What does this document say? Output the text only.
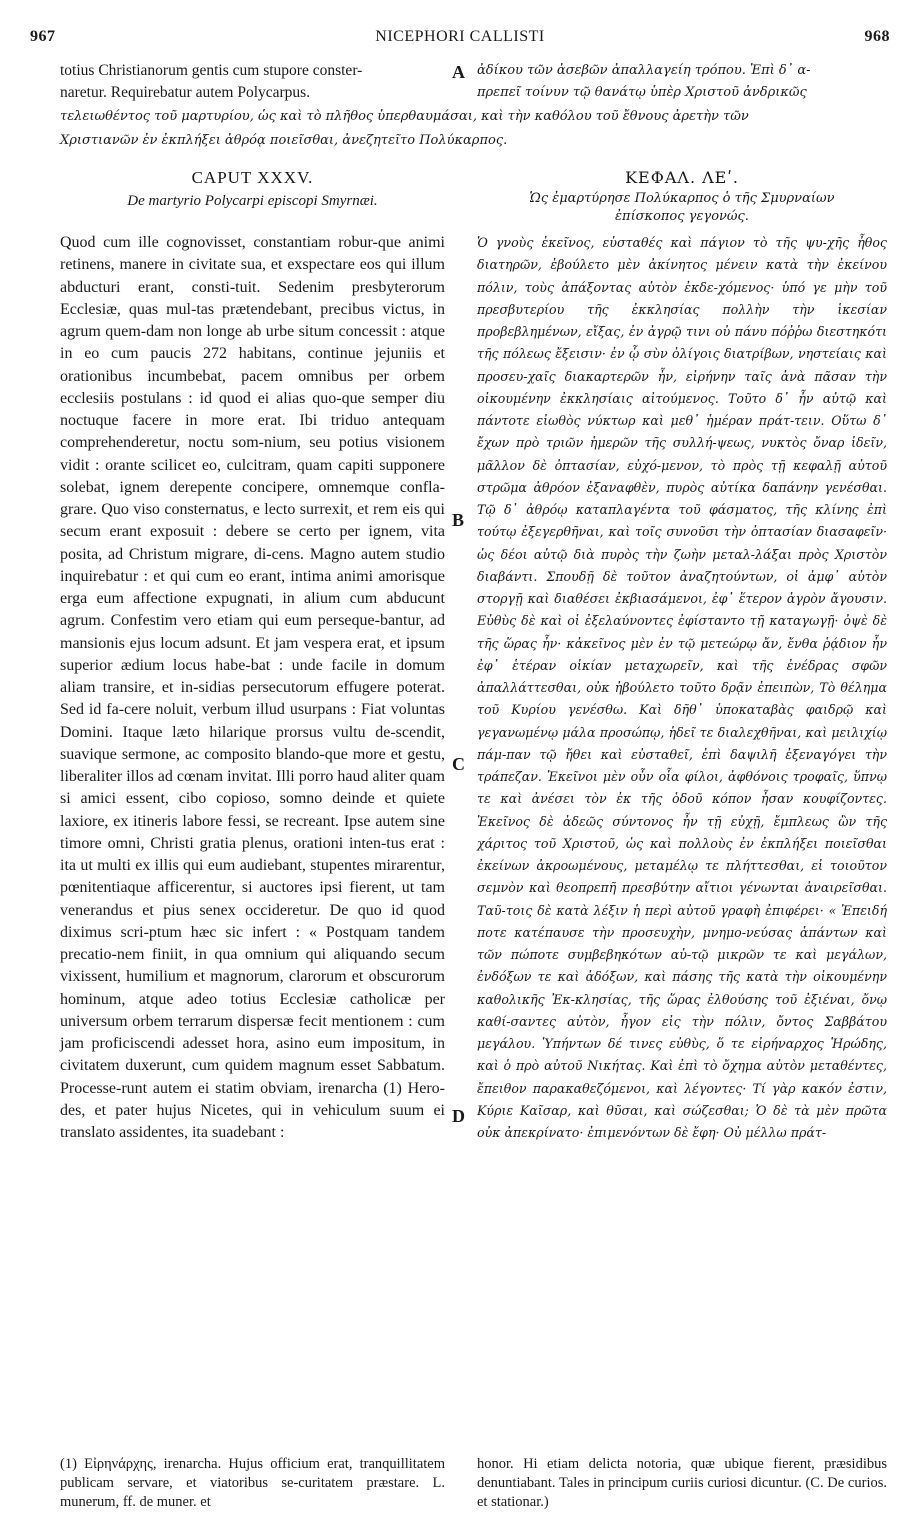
967	NICEPHORI CALLISTI	968
totius Christianorum gentis cum stupore conster-
naretur. Requirebatur autem Polycarpus.
A ἀδίκου τῶν ἀσεβῶν ἀπαλλαγείη τρόπου. Ἐπὶ δ᾽ α-
πρεπεῖ τοίνυν τῷ θανάτῳ ὑπὲρ Χριστοῦ ἀνδρικῶς
τελειωθέντος τοῦ μαρτυρίου, ὡς καὶ τὸ πλῆθος ὑπερθαυμάσαι, καὶ τὴν καθόλου τοῦ ἔθνους ἀρετὴν τῶν
Χριστιανῶν ἐν ἐκπλήξει ἀθρόᾳ ποιεῖσθαι, ἀνεζητεῖτο Πολύκαρπος.
CAPUT XXXV.
De martyrio Polycarpi episcopi Smyrnæi.
ΚΕΦΑΛ. ΛΕʹ.
Ὡς ἐμαρτύρησε Πολύκαρπος ὁ τῆς Σμυρναίων
ἐπίσκοπος γεγονώς.

Quod cum ille cognovisset, constantiam robur-que animi retinens, manere in civitate sua, et exspectare eos qui illum abducturi erant, consti-tuit. Sedenim presbyterorum Ecclesiæ, quas mul-tas prætendebant, precibus victus, in agrum quem-dam non longe ab urbe situm concessit : atque in eo cum paucis 272 habitans, continue jejuniis et orationibus incumbebat, pacem omnibus per orbem ecclesiis postulans : id quod ei alias quo-que semper diu noctuque facere in more erat. Ibi triduo antequam comprehenderetur, noctu som-nium, seu potius visionem vidit : orante scilicet eo, culcitram, quam capiti supponere solebat, ignem derepente concipere, omnemque confla-grare. Quo viso consternatus, e lecto surrexit, et rem eis qui secum erant exposuit : debere se certo per ignem, vita posita, ad Christum migrare, di-cens. Magno autem studio inquirebatur : et qui cum eo erant, intima animi amorisque erga eum affectione expugnati, in alium cum abducunt agrum. Confestim vero etiam qui eum perseque-bantur, ad mansionis ejus locum adsunt. Et jam vespera erat, et ipsum superior ædium locus habe-bat : unde facile in domum aliam transire, et in-sidias persecutorum effugere poterat. Sed id fa-cere noluit, verbum illud usurpans : Fiat voluntas Domini. Itaque læto hilarique prorsus vultu de-scendit, suavique sermone, ac composito blando-que more et gestu, liberaliter illos ad cœnam invitat. Illi porro haud aliter quam si amici essent, cibo copioso, somno deinde et quiete laxiore, ex itineris labore fessi, se recreant. Ipse autem sine timore omni, Christi gratia plenus, orationi inten-tus erat : ita ut multi ex illis qui eum audiebant, stupentes mirarentur, pœnitentiaque afficerentur, si auctores ipsi fierent, ut tam venerandus et pius senex occideretur. De quo id quod diximus scri-ptum hæc sic infert : « Postquam tandem precatio-nem finiit, in qua omnium qui aliquando secum vixissent, humilium et magnorum, clarorum et obscurorum hominum, atque adeo totius Ecclesiæ catholicæ per universum orbem terrarum dispersæ fecit mentionem : cum jam proficiscendi adesset hora, asino eum impositum, in civitatem duxerunt, cum quidem magnum esset Sabbatum. Processe-runt autem ei statim obviam, irenarcha (1) Hero-des, et pater hujus Nicetes, qui in vehiculum suum ei translato assidentes, ita suadebant :

Ὁ γνοὺς ἐκεῖνος, εὐσταθές καὶ πάγιον τὸ τῆς ψυ-χῆς ἦθος διατηρῶν, ἐβούλετο μὲν ἀκίνητος μένειν κατὰ τὴν ἐκείνου πόλιν, τοὺς ἀπάξοντας αὐτὸν ἐκδε-χόμενος· ὑπό γε μὴν τοῦ πρεσβυτερίου τῆς ἐκκλησίας πολλὴν τὴν ἱκεσίαν προβεβλημένων, εἴξας, ἐν ἀγρῷ τινι οὐ πάνυ πόῤῥω διεστηκότι τῆς πόλεως ἔξεισιν· ἐν ᾧ σὺν ὀλίγοις διατρίβων, νηστείαις καὶ προσευ-χαῖς διακαρτερῶν ἦν, εἰρήνην ταῖς ἀνὰ πᾶσαν τὴν οἰκουμένην ἐκκλησίαις αἰτούμενος. Τοῦτο δ᾽ ἦν αὐτῷ καὶ πάντοτε εἰωθὸς νύκτωρ καὶ μεθ᾽ ἡμέραν πράτ-τειν. Οὕτω δ᾽ ἔχων πρὸ τριῶν ἡμερῶν τῆς συλλή-ψεως, νυκτὸς ὄναρ ἰδεῖν, μᾶλλον δὲ ὀπτασίαν, εὐχό-μενον, τὸ πρὸς τῇ κεφαλῇ αὐτοῦ στρῶμα ἀθρόον ἐξαναφθὲν, πυρὸς αὐτίκα δαπάνην γενέσθαι. Τῷ δ᾽ ἀθρόῳ καταπλαγέντα τοῦ φάσματος, τῆς κλίνης ἐπὶ τούτῳ ἐξεγερθῆναι, καὶ τοῖς συνοῦσι τὴν ὀπτασίαν διασαφεῖν· ὡς δέοι αὐτῷ διὰ πυρὸς τὴν ζωὴν μεταλ-λάξαι πρὸς Χριστὸν διαβάντι. Σπουδῇ δὲ τοῦτον ἀναζητούντων, οἱ ἀμφ᾽ αὐτὸν στοργῇ καὶ διαθέσει ἐκβιασάμενοι, ἐφ᾽ ἕτερον ἀγρὸν ἄγουσιν. Εὐθὺς δὲ καὶ οἱ ἐξελαύνοντες ἐφίσταντο τῇ καταγωγῇ· ὀψὲ δὲ τῆς ὥρας ἦν· κἀκεῖνος μὲν ἐν τῷ μετεώρῳ ἄν, ἔνθα ῥᾴδιον ἦν ἐφ᾽ ἑτέραν οἰκίαν μεταχωρεῖν, καὶ τῆς ἐνέδρας σφῶν ἀπαλλάττεσθαι, οὐκ ἠβούλετο τοῦτο δρᾷν ἐπειπὼν, Τὸ θέλημα τοῦ Κυρίου γενέσθω. Καὶ δῆθ᾽ ὑποκαταβὰς φαιδρῷ καὶ γεγανωμένῳ μάλα προσώπῳ, ἡδεῖ τε διαλεχθῆναι, καὶ μειλιχίῳ πάμ-παν τῷ ἤθει καὶ εὐσταθεῖ, ἐπὶ δαψιλῆ ἐξεναγόγει τὴν τράπεζαν. Ἐκεῖνοι μὲν οὖν οἷα φίλοι, ἀφθόνοις τροφαῖς, ὕπνῳ τε καὶ ἀνέσει τὸν ἐκ τῆς ὁδοῦ κόπον ἦσαν κουφίζοντες. Ἐκεῖνος δὲ ἀδεῶς σύντονος ἦν τῇ εὐχῇ, ἔμπλεως ὢν τῆς χάριτος τοῦ Χριστοῦ, ὡς καὶ πολλοὺς ἐν ἐκπλήξει ποιεῖσθαι ἐκείνων ἀκροωμένους, μεταμέλῳ τε πλήττεσθαι, εἰ τοιοῦτον σεμνὸν καὶ θεοπρεπῆ πρεσβύτην αἴτιοι γένωνται ἀναιρεῖσθαι. Ταῦ-τοις δὲ κατὰ λέξιν ἡ περὶ αὐτοῦ γραφὴ ἐπιφέρει· « Ἐπειδή ποτε κατέπαυσε τὴν προσευχὴν, μνημο-νεύσας ἁπάντων καὶ τῶν πώποτε συμβεβηκότων αὐ-τῷ μικρῶν τε καὶ μεγάλων, ἐνδόξων τε καὶ ἀδόξων, καὶ πάσης τῆς κατὰ τὴν οἰκουμένην καθολικῆς Ἐκ-κλησίας, τῆς ὥρας ἐλθούσης τοῦ ἐξιέναι, ὄνῳ καθί-σαντες αὐτὸν, ἦγον εἰς τὴν πόλιν, ὄντος Σαββάτου μεγάλου. Ὑπήντων δέ τινες εὐθὺς, ὅ τε εἰρήναρχος Ἡρώδης, καὶ ὁ πρὸ αὐτοῦ Νικήτας. Καὶ ἐπὶ τὸ ὄχημα αὐτὸν μεταθέντες, ἔπειθον παρακαθεζόμενοι, καὶ λέγοντες· Τί γὰρ κακόν ἐστιν, Κύριε Καῖσαρ, καὶ θῦσαι, καὶ σώζεσθαι; Ὁ δὲ τὰ μὲν πρῶτα οὐκ ἀπεκρίνατο· ἐπιμενόντων δὲ ἔφη· Οὐ μέλλω πράτ-

B
C
D
(1) Εἰρηνάρχης, irenarcha. Hujus officium erat, tranquillitatem publicam servare, et viatoribus se-curitatem præstare. L. munerum, ff. de muner. et
honor. Hi etiam delicta notoria, quæ ubique fierent, præsidibus denuntiabant. Tales in principum curiis curiosi dicuntur. (C. De curios. et stationar.)
